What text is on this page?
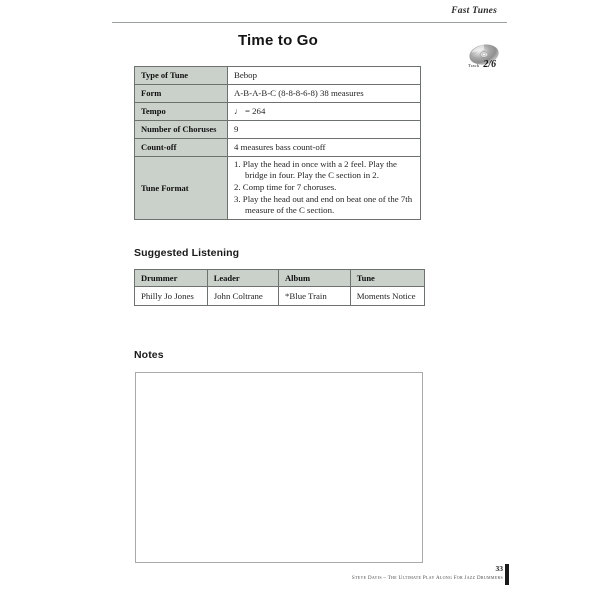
Fast Tunes
Time to Go
Track 2/6
Type of Tune	Bebop
Form	A-B-A-B-C (8-8-8-6-8) 38 measures
Tempo	♩ = 264
Number of Choruses	9
Count-off	4 measures bass count-off
Tune Format	1. Play the head in once with a 2 feel. Play the bridge in four. Play the C section in 2.
2. Comp time for 7 choruses.
3. Play the head out and end on beat one of the 7th measure of the C section.
Suggested Listening
Drummer	Leader	Album	Tune
Philly Jo Jones	John Coltrane	*Blue Train	Moments Notice
Notes
33
Steve Davis – The Ultimate Play Along For Jazz Drummers
